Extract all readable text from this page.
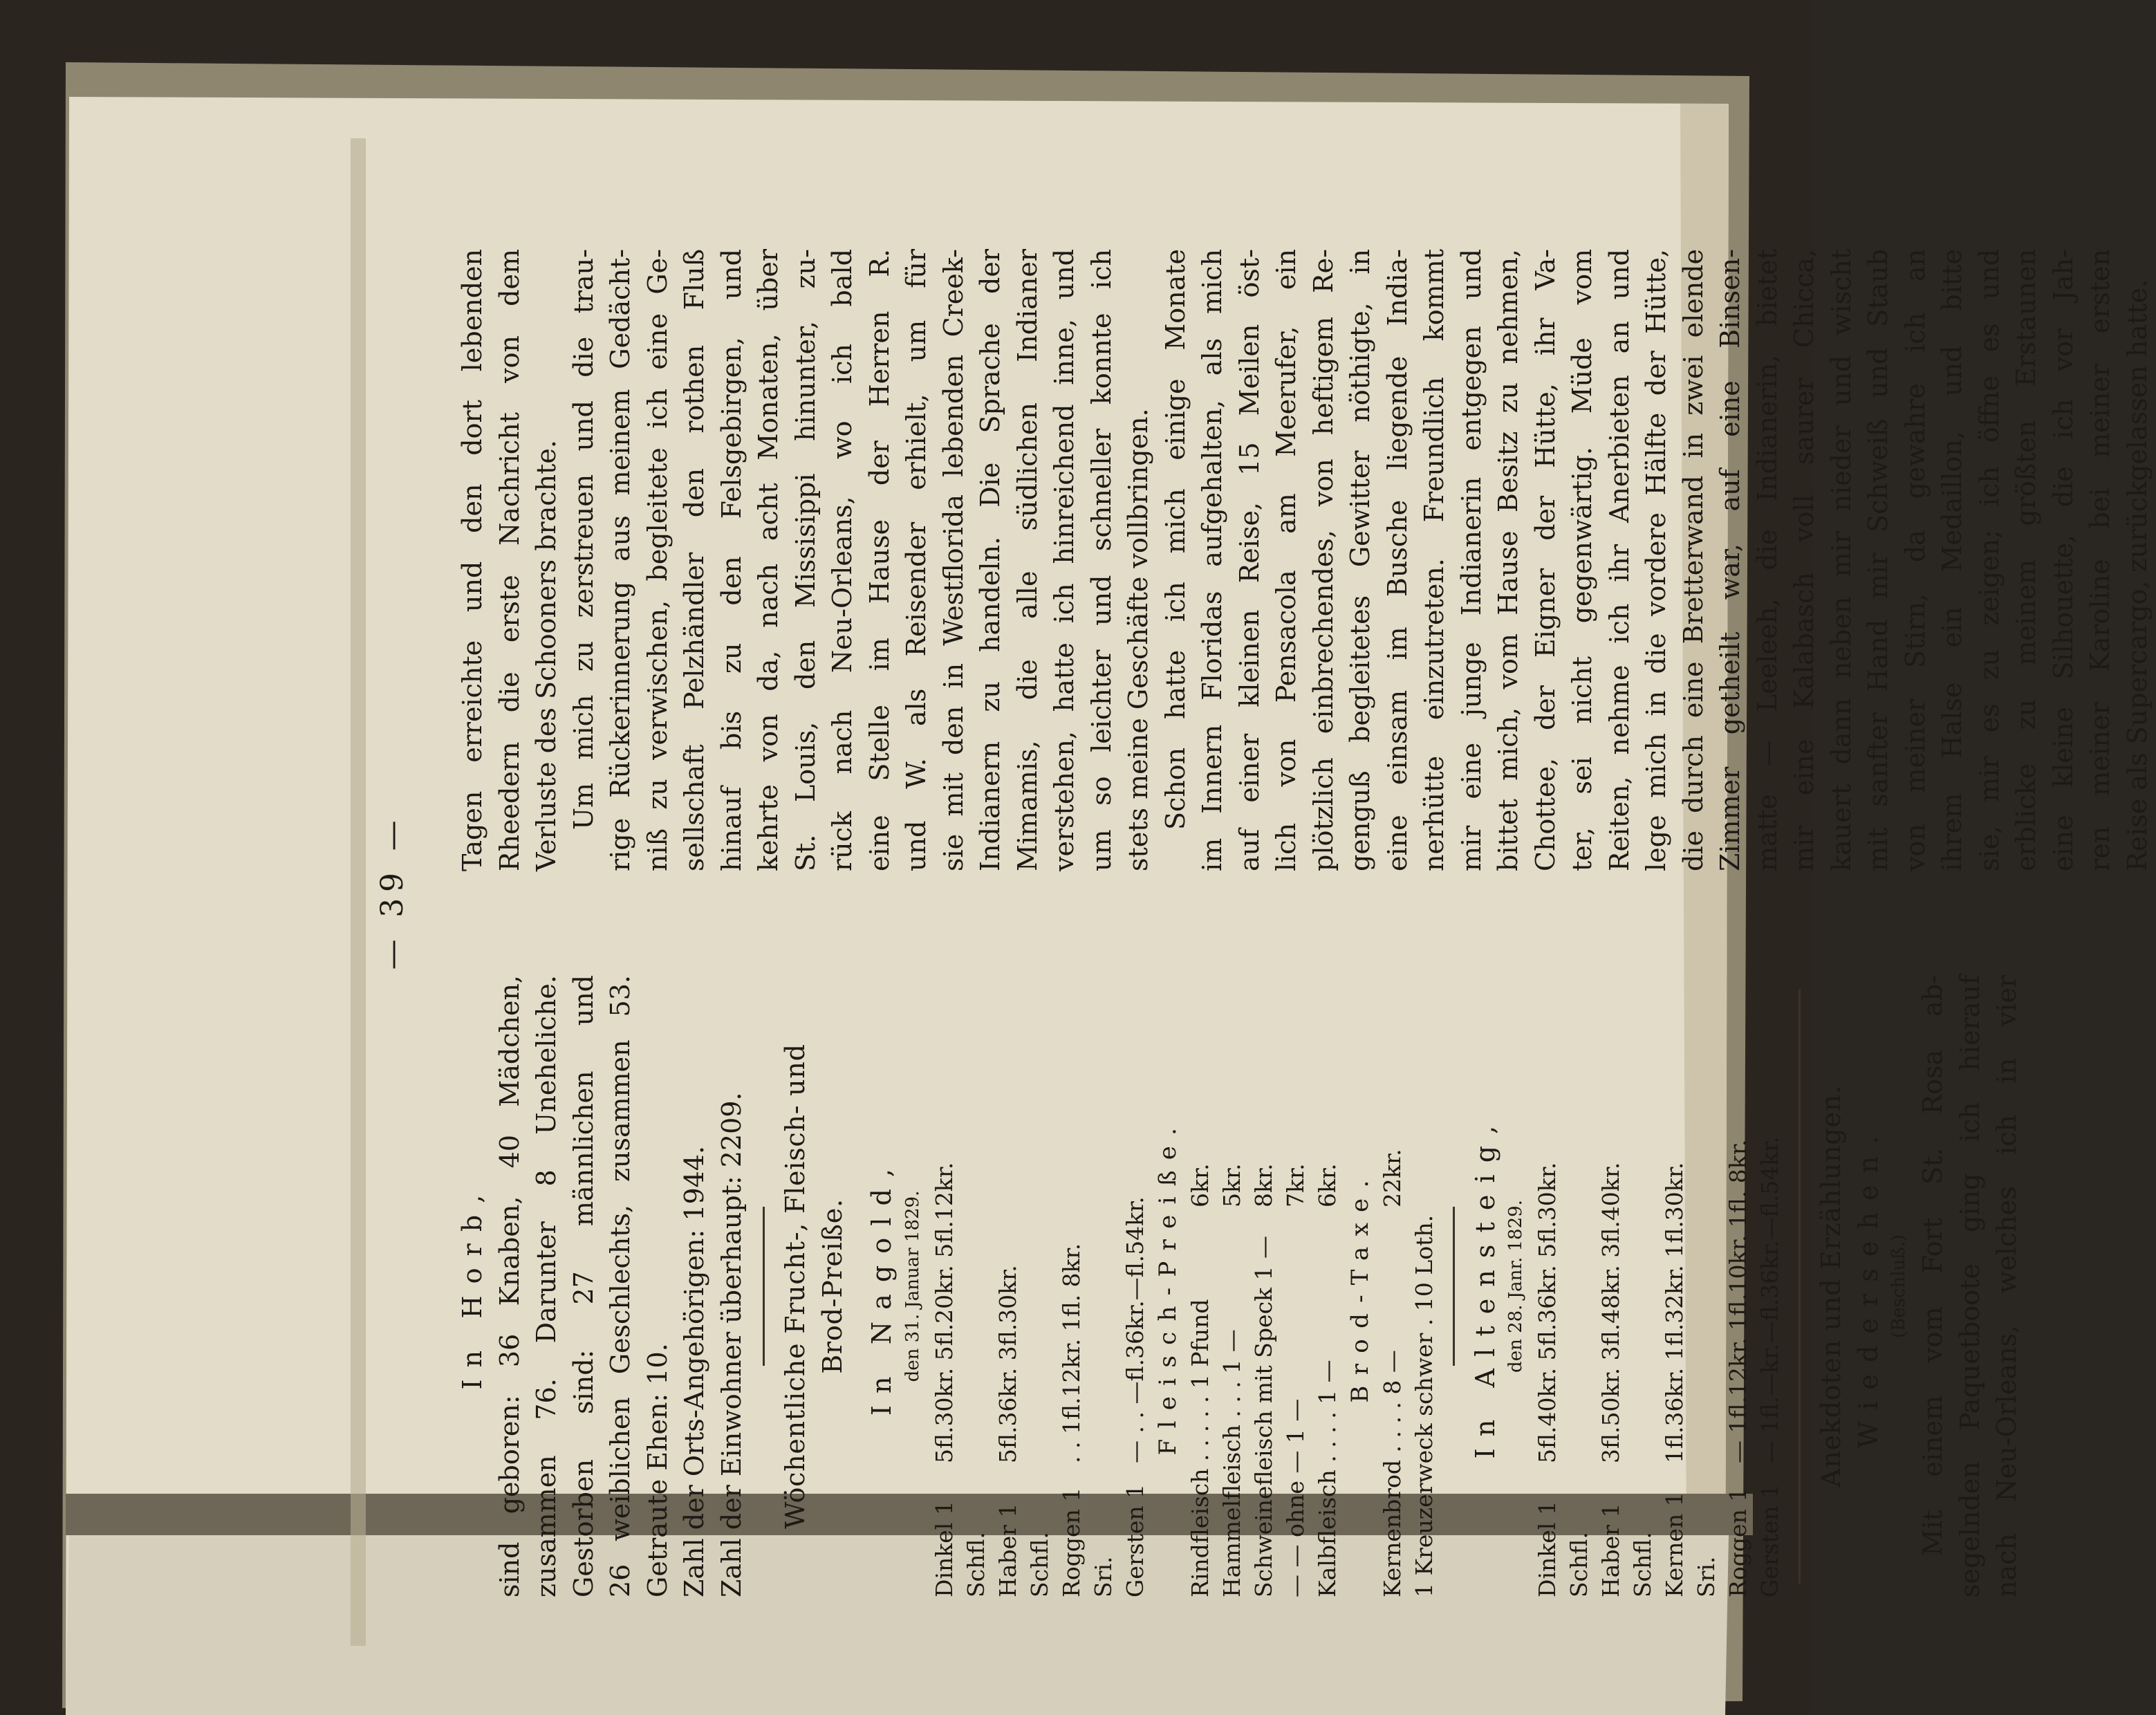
— 39 —

In Horb, sind geboren: 36 Knaben, 40 Mädchen, zusammen 76. Darunter 8 Uneheliche. Gestorben sind: 27 männlichen und 26 weiblichen Geschlechts, zusammen 53. Getraute Ehen: 10. Zahl der Orts-Angehörigen: 1944. Zahl der Einwohner überhaupt: 2209. Wöchentliche Frucht-, Fleisch- und Brod-Preiße. In Nagold, den 31. Januar 1829.

Dinkel 1 Schfl.
5fl.30kr. 5fl.20kr. 5fl.12kr.
Haber 1 Schfl.
5fl.36kr. 3fl.30kr.
Roggen 1 Sri.
. . 1fl.12kr. 1fl. 8kr.
Gersten 1
— . . —fl.36kr.—fl.54kr. Fleisch-Preiße. Rindfleisch . . . . . 1 Pfund
6kr.
Hammelfleisch . . . 1 —
5kr.
Schweinefleisch mit Speck 1 —
8kr.
— — ohne — 1 —
7kr.
Kalbfleisch . . . . 1 —
6kr. Brod-Taxe.

Kernenbrod . . . . 8 —
22kr.
1 Kreuzerweck schwer . 10 Loth. In Altensteig, den 28. Janr. 1829.

Dinkel 1 Schfl.
5fl.40kr. 5fl.36kr. 5fl.30kr.
Haber 1 Schfl.
3fl.50kr. 3fl.48kr. 3fl.40kr.
Kernen 1 Sri.
1fl.36kr. 1fl.32kr. 1fl.30kr.
Roggen 1
— 1fl.12kr. 1fl.10kr. 1fl. 8kr.
Gersten 1
— 1fl.—kr.—fl.36kr.—fl.54kr. Anekdoten und Erzählungen. Wiedersehen. (Beschluß.) Mit einem vom Fort St. Rosa ab- segelnden Paquetboote ging ich hierauf nach Neu-Orleans, welches ich in vier

Tagen erreichte und den dort lebenden Rheedern die erste Nachricht von dem Verluste des Schooners brachte. Um mich zu zerstreuen und die trau- rige Rückerinnerung aus meinem Gedächt- niß zu verwischen, begleitete ich eine Ge- sellschaft Pelzhändler den rothen Fluß hinauf bis zu den Felsgebirgen, und kehrte von da, nach acht Monaten, über St. Louis, den Missisippi hinunter, zu- rück nach Neu-Orleans, wo ich bald eine Stelle im Hause der Herren R. und W. als Reisender erhielt, um für sie mit den in Westflorida lebenden Creek- Indianern zu handeln. Die Sprache der Mimamis, die alle südlichen Indianer verstehen, hatte ich hinreichend inne, und um so leichter und schneller konnte ich stets meine Geschäfte vollbringen. Schon hatte ich mich einige Monate im Innern Floridas aufgehalten, als mich auf einer kleinen Reise, 15 Meilen öst- lich von Pensacola am Meerufer, ein plötzlich einbrechendes, von heftigem Re- genguß begleitetes Gewitter nöthigte, in eine einsam im Busche liegende India- nerhütte einzutreten. Freundlich kommt mir eine junge Indianerin entgegen und bittet mich, vom Hause Besitz zu nehmen, Chottee, der Eigner der Hütte, ihr Va- ter, sei nicht gegenwärtig. Müde vom Reiten, nehme ich ihr Anerbieten an und lege mich in die vordere Hälfte der Hütte, die durch eine Bretterwand in zwei elende Zimmer getheilt war, auf eine Binsen- matte — Leeleeh, die Indianerin, bietet mir eine Kalabasch voll saurer Chicca, kauert dann neben mir nieder und wischt mit sanfter Hand mir Schweiß und Staub von meiner Stirn, da gewahre ich an ihrem Halse ein Medaillon, und bitte sie, mir es zu zeigen; ich öffne es und erblicke zu meinem größten Erstaunen eine kleine Silhouette, die ich vor Jah- ren meiner Karoline bei meiner ersten Reise als Supercargo, zurückgelassen hatte.
